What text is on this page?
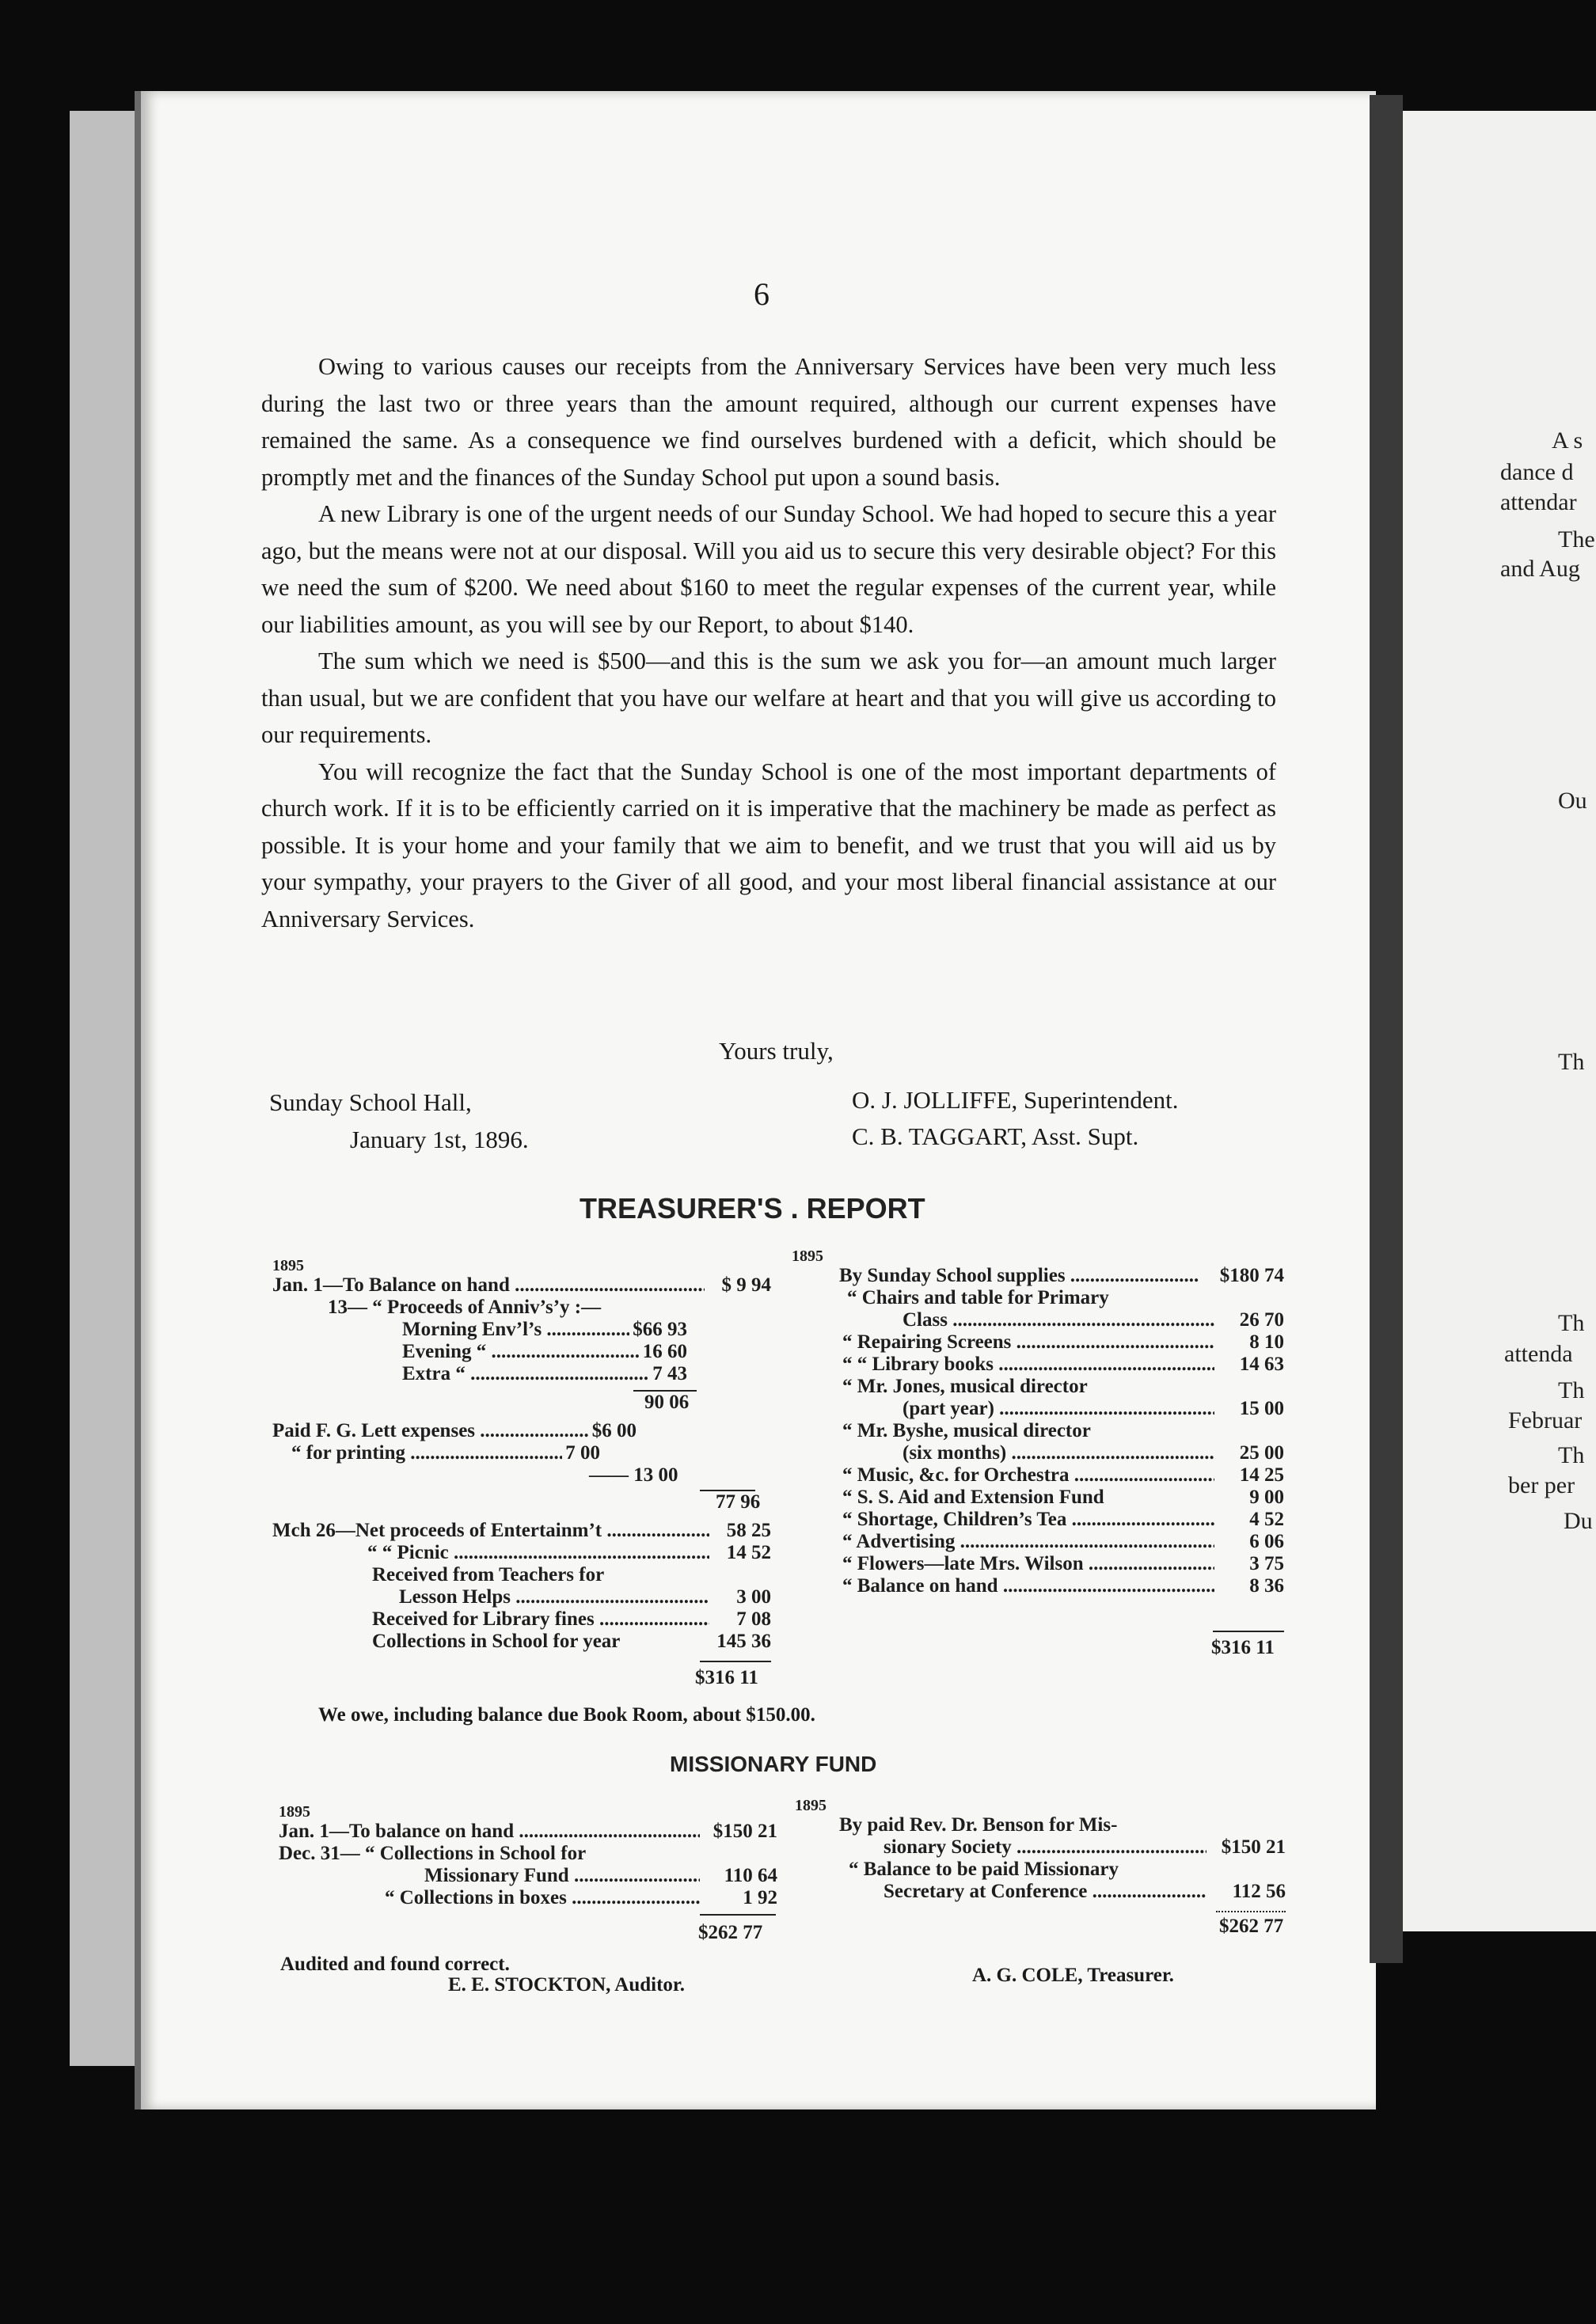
A s
dance d
attendar
The
and Aug
Ou
Th
Th
attenda
Th
Februar
Th
ber per
Du
6

Owing to various causes our receipts from the Anniversary Services have been very much less during the last two or three years than the amount required, although our current expenses have remained the same. As a consequence we find ourselves burdened with a deficit, which should be promptly met and the finances of the Sunday School put upon a sound basis.

A new Library is one of the urgent needs of our Sunday School. We had hoped to secure this a year ago, but the means were not at our disposal. Will you aid us to secure this very desirable object? For this we need the sum of $200. We need about $160 to meet the regular expenses of the current year, while our liabilities amount, as you will see by our Report, to about $140.

The sum which we need is $500—and this is the sum we ask you for—an amount much larger than usual, but we are confident that you have our welfare at heart and that you will give us according to our requirements.

You will recognize the fact that the Sunday School is one of the most important departments of church work. If it is to be efficiently carried on it is imperative that the machinery be made as perfect as possible. It is your home and your family that we aim to benefit, and we trust that you will aid us by your sympathy, your prayers to the Giver of all good, and your most liberal financial assistance at our Anniversary Services.

Yours truly,
Sunday School Hall,
January 1st, 1896.
O. J. JOLLIFFE, Superintendent.
C. B. TAGGART, Asst. Supt.
TREASURER'S . REPORT
1895
Jan. 1—To Balance on hand .....	$ 9 94
13— “ Proceeds of Anniv’s’y :—
Morning Env’l’s .....	$66 93
Evening “ .....	16 60
Extra “ .....	7 43
90 06
Paid F. G. Lett expenses .....	$6 00
“ for printing .....	7 00
—— 13 00
77 96
Mch 26—Net proceeds of Entertainm’t .....	58 25
“ “ Picnic .....	14 52
Received from Teachers for
Lesson Helps .....	3 00
Received for Library fines .....	7 08
Collections in School for year	145 36
$316 11
1895
By Sunday School supplies .....	$180 74
“ Chairs and table for Primary
Class .....	26 70
“ Repairing Screens .....	8 10
“ “ Library books .....	14 63
“ Mr. Jones, musical director
(part year) .....	15 00
“ Mr. Byshe, musical director
(six months) .....	25 00
“ Music, &c. for Orchestra .....	14 25
“ S. S. Aid and Extension Fund	9 00
“ Shortage, Children’s Tea .....	4 52
“ Advertising .....	6 06
“ Flowers—late Mrs. Wilson .....	3 75
“ Balance on hand .....	8 36
$316 11
We owe, including balance due Book Room, about $150.00.
MISSIONARY FUND
1895
Jan. 1—To balance on hand .....	$150 21
Dec. 31— “ Collections in School for
Missionary Fund .....	110 64
“ Collections in boxes .....	1 92
$262 77
1895
By paid Rev. Dr. Benson for Mis-
sionary Society .....	$150 21
“ Balance to be paid Missionary
Secretary at Conference .....	112 56
$262 77
Audited and found correct.
E. E. STOCKTON, Auditor.	A. G. COLE, Treasurer.
